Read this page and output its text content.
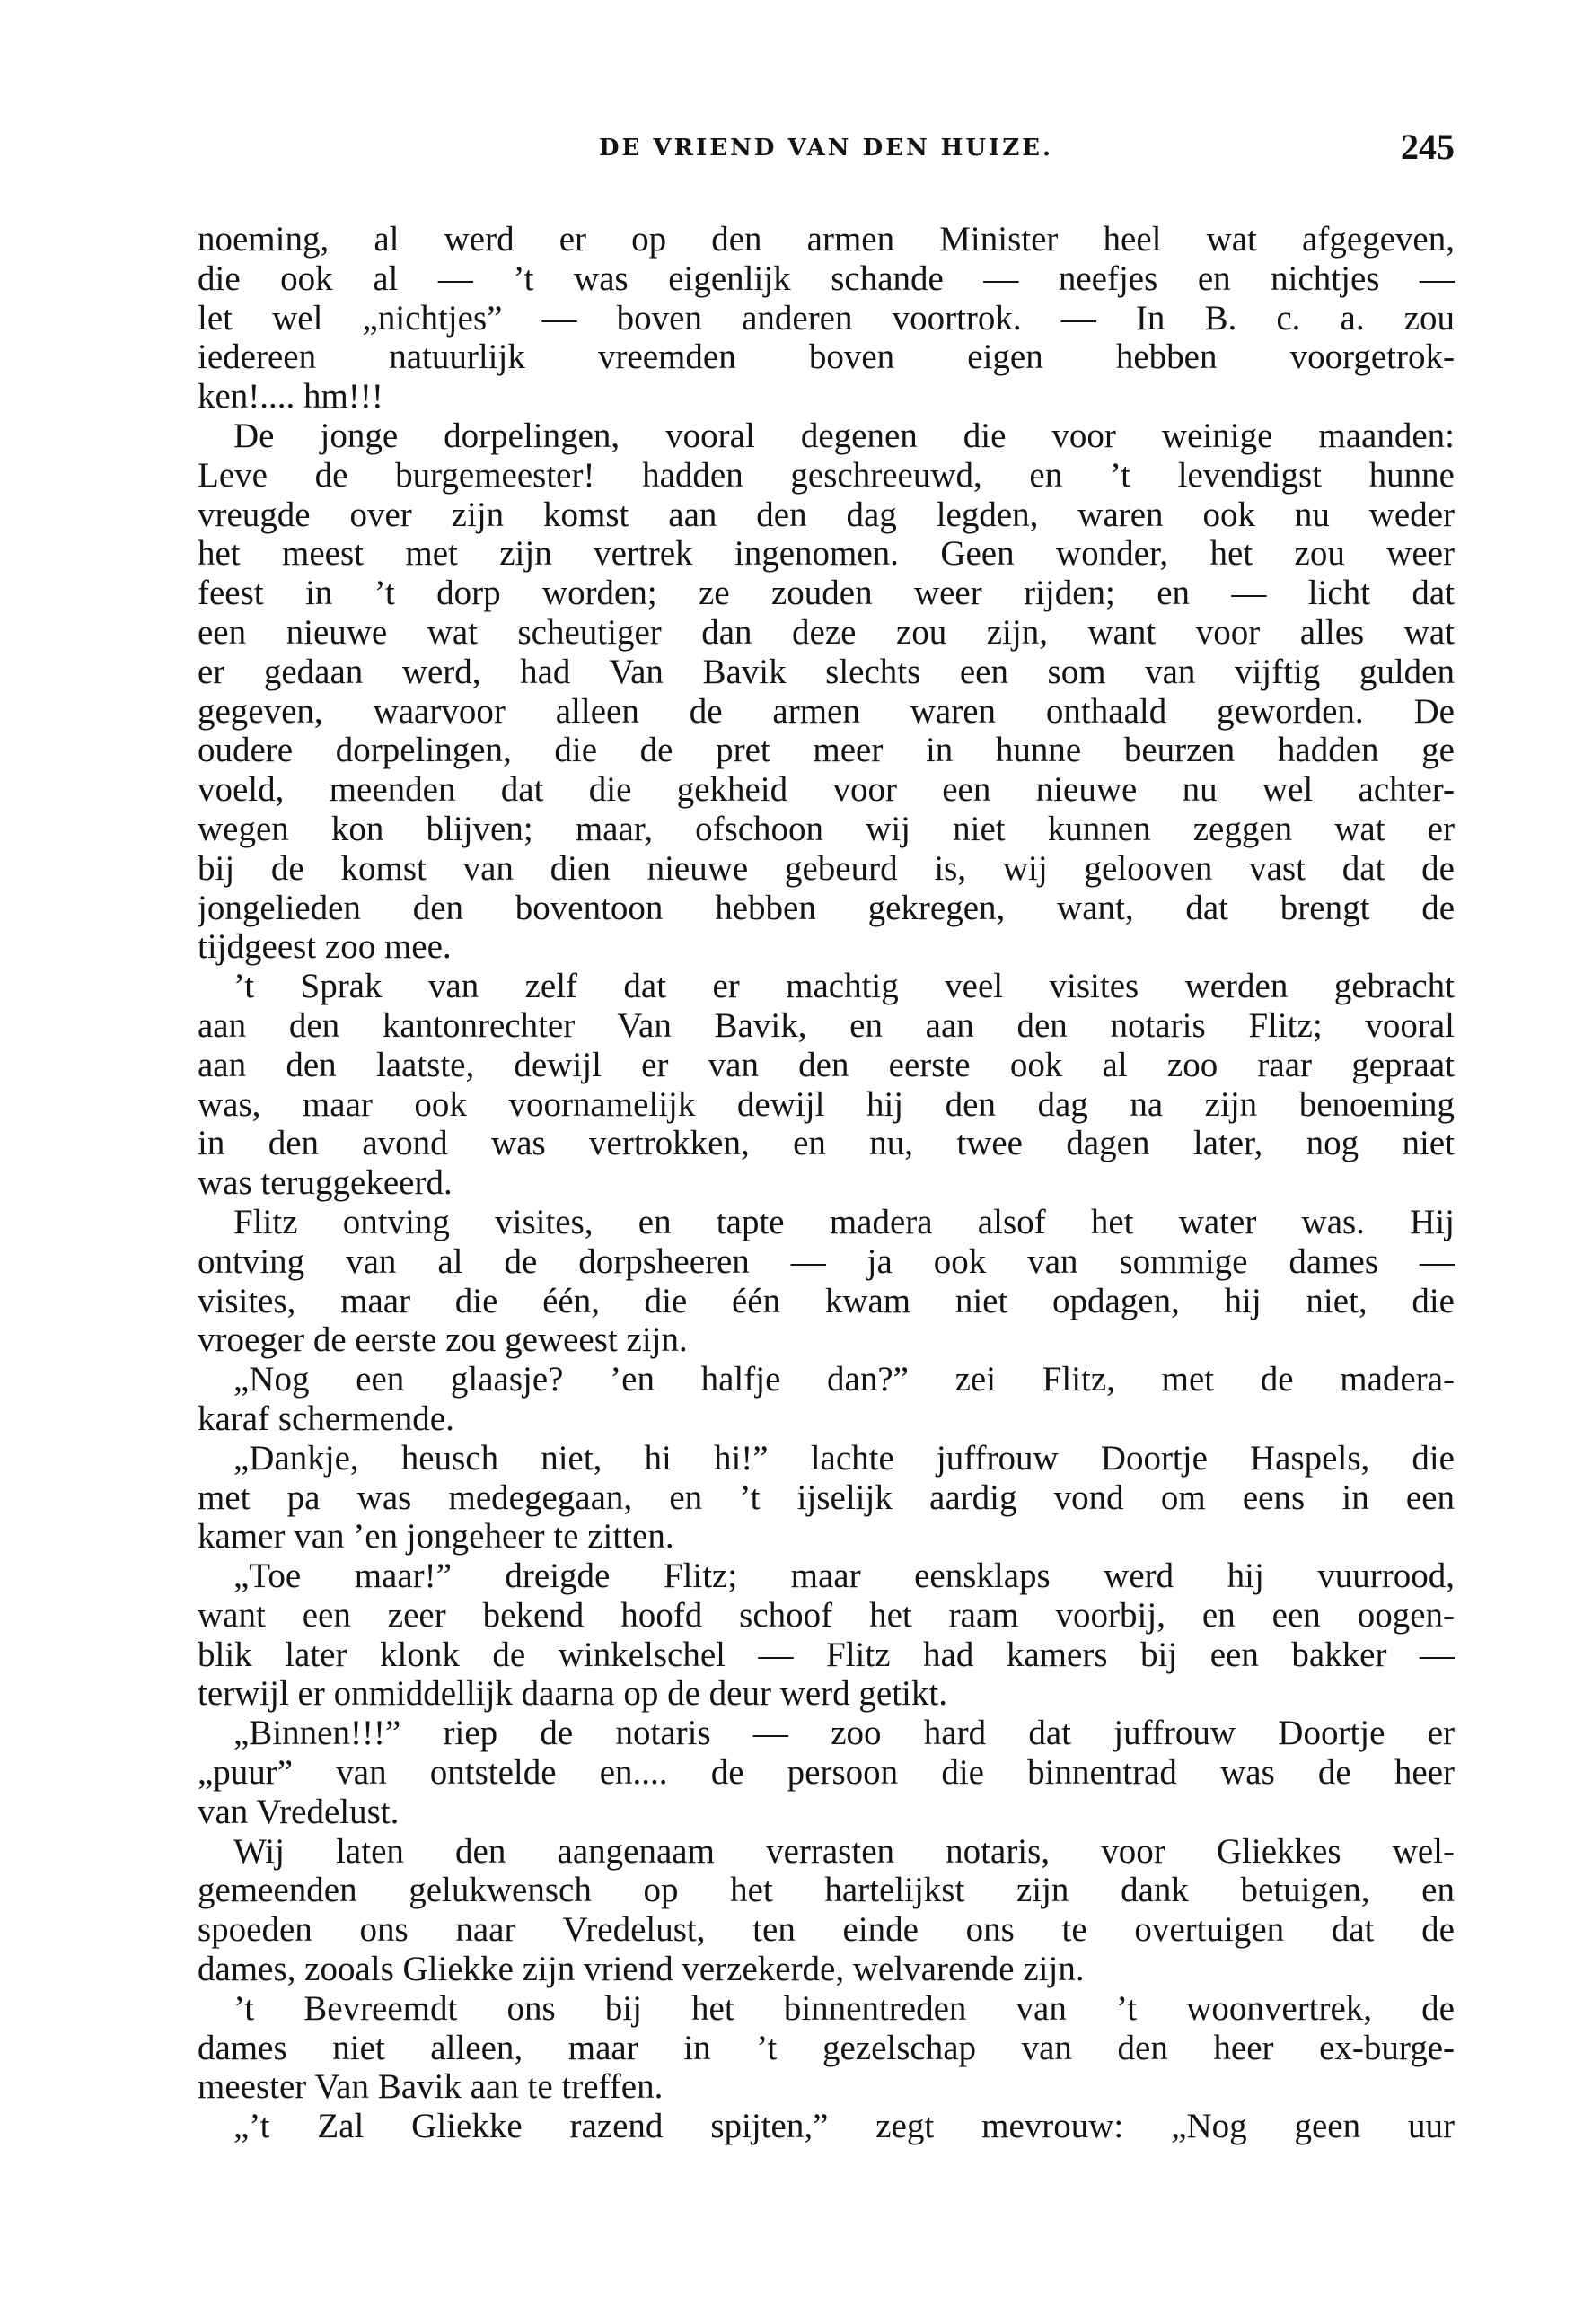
DE VRIEND VAN DEN HUIZE.	245
noeming, al werd er op den armen Minister heel wat afgegeven,
die ook al — ’t was eigenlijk schande — neefjes en nichtjes —
let wel „nichtjes” — boven anderen voortrok. — In B. c. a. zou
iedereen natuurlijk vreemden boven eigen hebben voorgetrok-
ken!.... hm!!!
De jonge dorpelingen, vooral degenen die voor weinige maanden:
Leve de burgemeester! hadden geschreeuwd, en ’t levendigst hunne
vreugde over zijn komst aan den dag legden, waren ook nu weder
het meest met zijn vertrek ingenomen. Geen wonder, het zou weer
feest in ’t dorp worden; ze zouden weer rijden; en — licht dat
een nieuwe wat scheutiger dan deze zou zijn, want voor alles wat
er gedaan werd, had Van Bavik slechts een som van vijftig gulden
gegeven, waarvoor alleen de armen waren onthaald geworden. De
oudere dorpelingen, die de pret meer in hunne beurzen hadden ge
voeld, meenden dat die gekheid voor een nieuwe nu wel achter-
wegen kon blijven; maar, ofschoon wij niet kunnen zeggen wat er
bij de komst van dien nieuwe gebeurd is, wij gelooven vast dat de
jongelieden den boventoon hebben gekregen, want, dat brengt de
tijdgeest zoo mee.
’t Sprak van zelf dat er machtig veel visites werden gebracht
aan den kantonrechter Van Bavik, en aan den notaris Flitz; vooral
aan den laatste, dewijl er van den eerste ook al zoo raar gepraat
was, maar ook voornamelijk dewijl hij den dag na zijn benoeming
in den avond was vertrokken, en nu, twee dagen later, nog niet
was teruggekeerd.
Flitz ontving visites, en tapte madera alsof het water was. Hij
ontving van al de dorpsheeren — ja ook van sommige dames —
visites, maar die één, die één kwam niet opdagen, hij niet, die
vroeger de eerste zou geweest zijn.
„Nog een glaasje? ’en halfje dan?” zei Flitz, met de madera-
karaf schermende.
„Dankje, heusch niet, hi hi!” lachte juffrouw Doortje Haspels, die
met pa was medegegaan, en ’t ijselijk aardig vond om eens in een
kamer van ’en jongeheer te zitten.
„Toe maar!” dreigde Flitz; maar eensklaps werd hij vuurrood,
want een zeer bekend hoofd schoof het raam voorbij, en een oogen-
blik later klonk de winkelschel — Flitz had kamers bij een bakker —
terwijl er onmiddellijk daarna op de deur werd getikt.
„Binnen!!!” riep de notaris — zoo hard dat juffrouw Doortje er
„puur” van ontstelde en.... de persoon die binnentrad was de heer
van Vredelust.
Wij laten den aangenaam verrasten notaris, voor Gliekkes wel-
gemeenden gelukwensch op het hartelijkst zijn dank betuigen, en
spoeden ons naar Vredelust, ten einde ons te overtuigen dat de
dames, zooals Gliekke zijn vriend verzekerde, welvarende zijn.
’t Bevreemdt ons bij het binnentreden van ’t woonvertrek, de
dames niet alleen, maar in ’t gezelschap van den heer ex-burge-
meester Van Bavik aan te treffen.
„’t Zal Gliekke razend spijten,” zegt mevrouw: „Nog geen uur
